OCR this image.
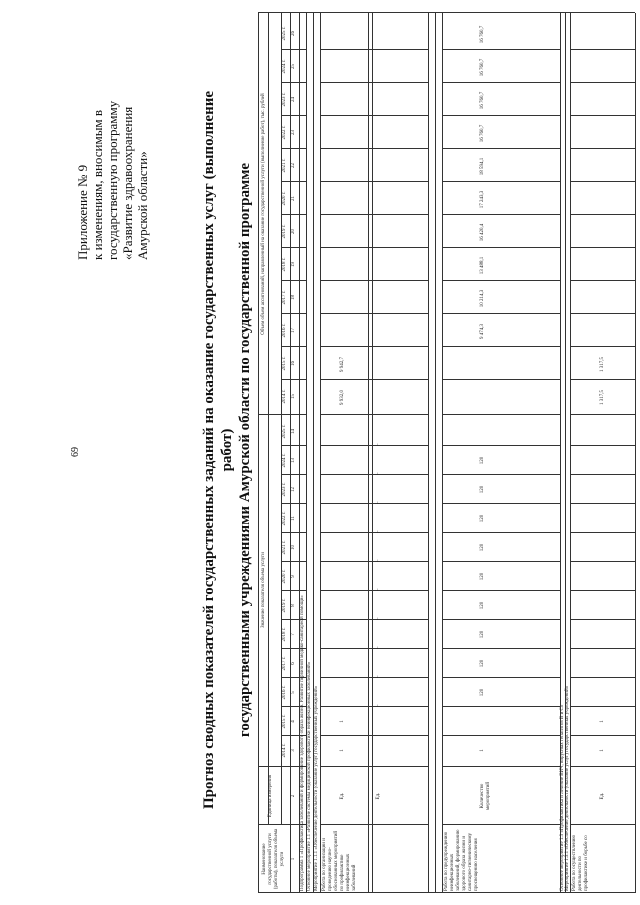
69
Приложение № 9 к изменениям, вносимым в государственную программу «Развитие здравоохранения Амурской области»	Прогноз сводных показателей государственных заданий на оказание государственных услуг (выполнение работ) государственными учреждениями Амурской области по государственной программе
2014 г.
2014 г.
2015 г.
2015 г.
2016 г.
2016 г.
2017 г.
2017 г.
2018 г.
2018 г.
2019 г.
2019 г.
2020 г.
2020 г.
2021 г.
2021 г.
2022 г.
2022 г.
2023 г.
2023 г.
2024 г.
2024 г.
2025 г.
2025 г.
1
2
3
15
4
16
5
17
6
18
7
19
8
20
9
21
10
22
11
23
12
24
13
25
14
26
Наименование государственной услуги (работы), показателя объема услуги
Единица измерения
Значение показателя объема услуги
Объем объем ассигнований, направленный на оказание государственной услуги (выполнение работ), тыс. рублей
Подпрограмма 1 «Профилактика заболеваний и формирование здорового образа жизни. Развитие первичной медико-санитарной помощи» Основное мероприятие 1.1 «Развитие системы медицинской профилактики неинфекционных заболеваний» Мероприятие 1.1.1 «Обеспечение деятельности (оказание услуг) государственных учреждений» Работа по организации и проведению научно-обоснованных мероприятий по профилактике неинфекционных заболеваний
Ед.
1
1
9 932,0
9 942,7
Ед.
–
–
–
–
–
–
–
–
–
–
Работа по предупреждению неинфекционных заболеваний, формированию здорового образа жизни и санитарно-гигиеническому просвещению населения
Количество мероприятий
1
120
120
120
120
120
120
120
120
120
9 474,3
10 214,3
13 488,1
16 420,4
17 243,3
18 594,1
16 760,7
16 760,7
16 760,7
16 760,7
Основное мероприятие 1.3 «Профилактика и лечение ВИЧ, вирусных гепатитов В и С» Мероприятие 1.3.1 «Обеспечение деятельности (оказание услуг) государственных учреждений» Работа по осуществлению деятельности по профилактике и борьбе со
Ед.
1
1
1 317,5
1 317,5
